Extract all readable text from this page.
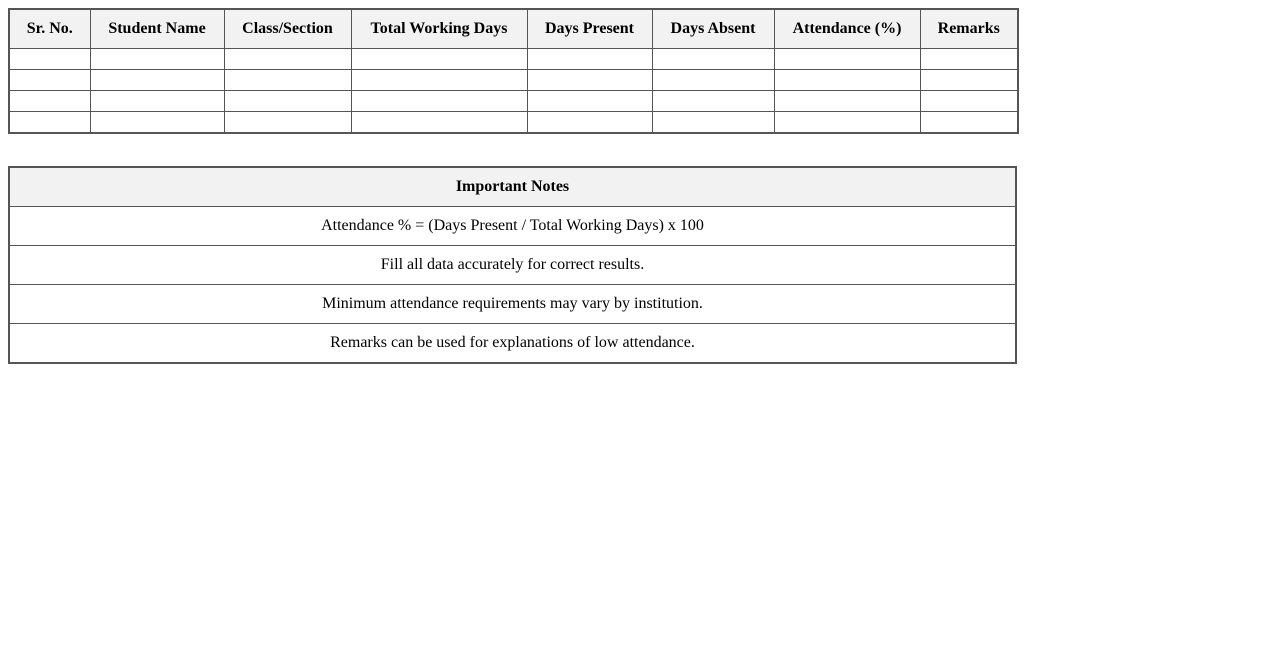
Sr. No.	Student Name	Class/Section	Total Working Days	Days Present	Days Absent	Attendance (%)	Remarks

Important Notes
Attendance % = (Days Present / Total Working Days) x 100
Fill all data accurately for correct results.
Minimum attendance requirements may vary by institution.
Remarks can be used for explanations of low attendance.
